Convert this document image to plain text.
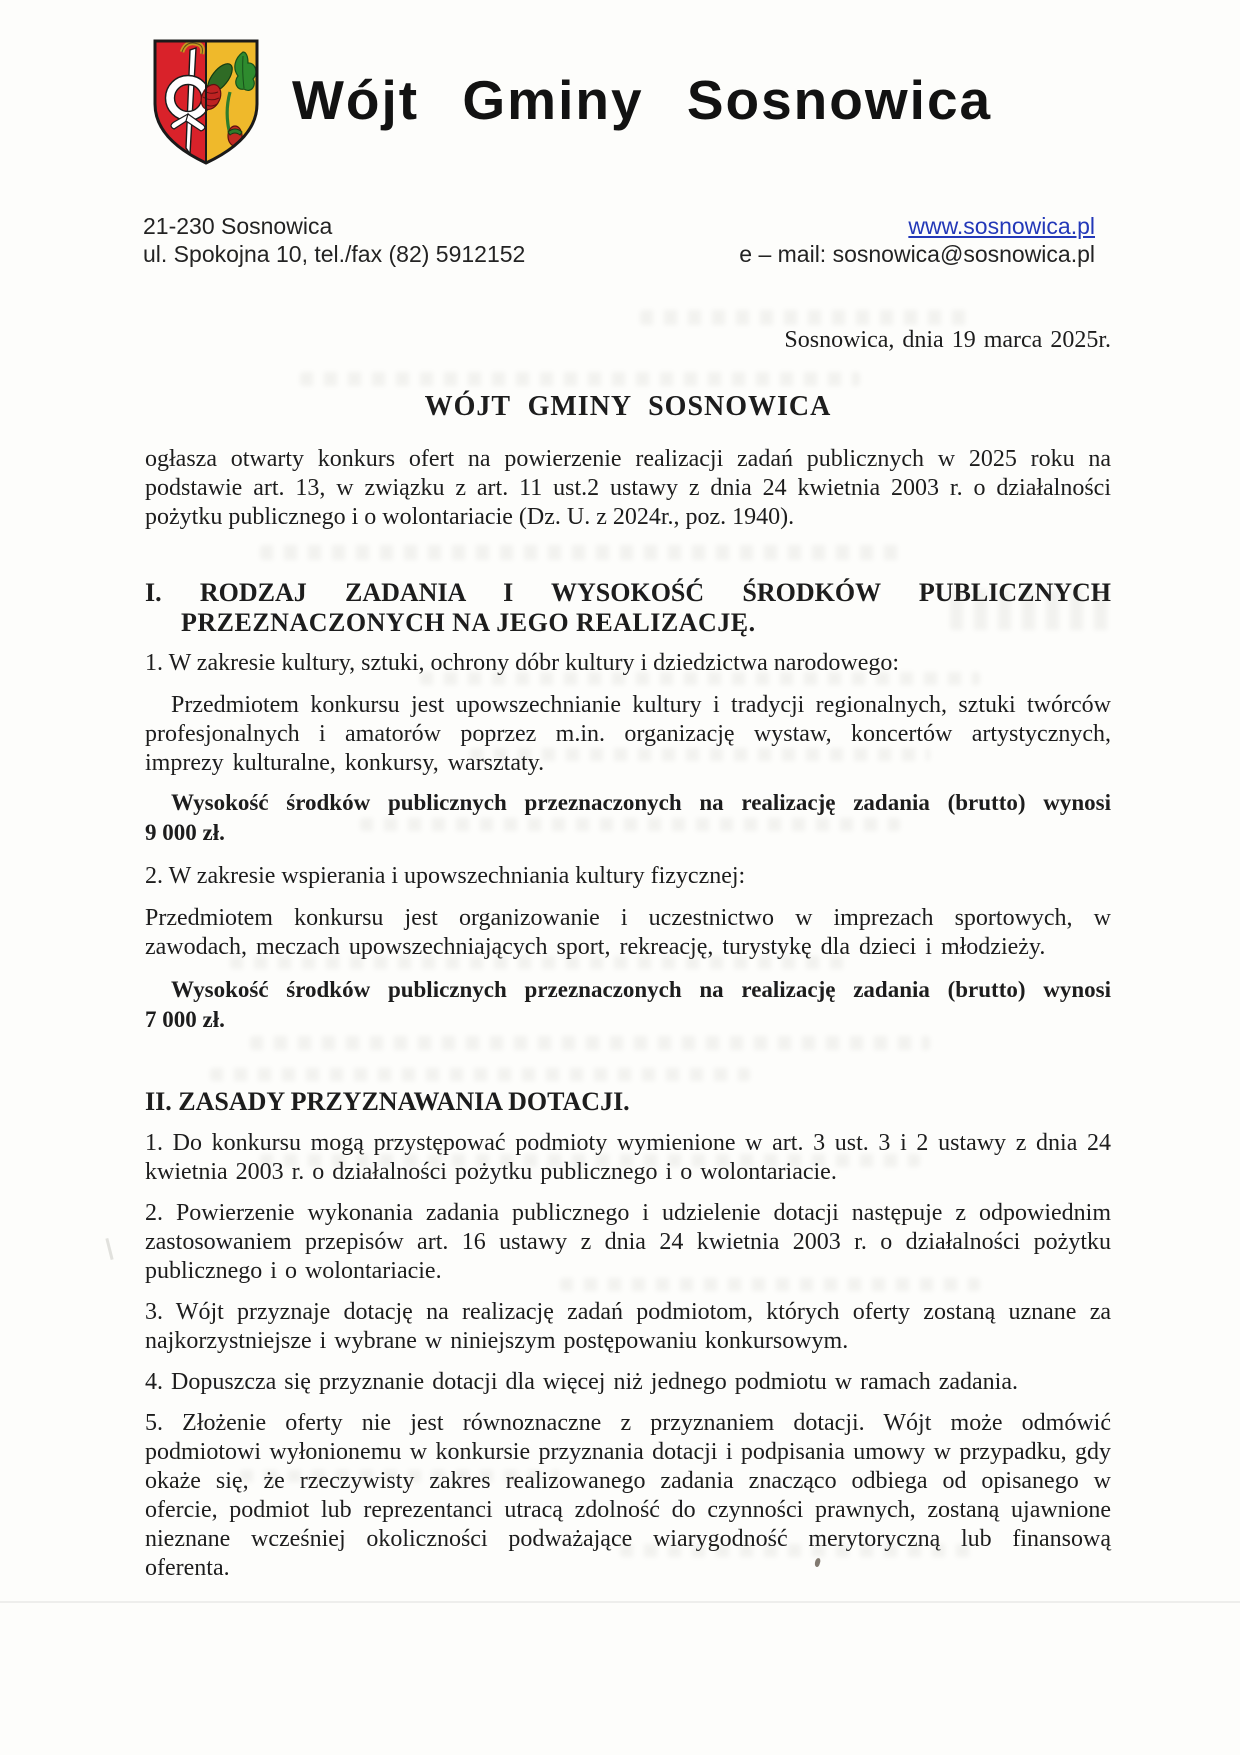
Wójt Gminy Sosnowica
21-230 Sosnowica
ul. Spokojna 10, tel./fax (82) 5912152
www.sosnowica.pl
e – mail: sosnowica@sosnowica.pl
Sosnowica, dnia 19 marca 2025r.
WÓJT GMINY SOSNOWICA

ogłasza otwarty konkurs ofert na powierzenie realizacji zadań publicznych w 2025 roku na podstawie art. 13, w związku z art. 11 ust.2 ustawy z dnia 24 kwietnia 2003 r. o działalności pożytku publicznego i o wolontariacie (Dz. U. z 2024r., poz. 1940).

I. RODZAJ ZADANIA I WYSOKOŚĆ ŚRODKÓW PUBLICZNYCH
PRZEZNACZONYCH NA JEGO REALIZACJĘ.
1. W zakresie kultury, sztuki, ochrony dóbr kultury i dziedzictwa narodowego:
Przedmiotem konkursu jest upowszechnianie kultury i tradycji regionalnych, sztuki twórców profesjonalnych i amatorów poprzez m.in. organizację wystaw, koncertów artystycznych, imprezy kulturalne, konkursy, warsztaty.
Wysokość środków publicznych przeznaczonych na realizację zadania (brutto) wynosi
9 000 zł.
2. W zakresie wspierania i upowszechniania kultury fizycznej:
Przedmiotem konkursu jest organizowanie i uczestnictwo w imprezach sportowych, w zawodach, meczach upowszechniających sport, rekreację, turystykę dla dzieci i młodzieży.
Wysokość środków publicznych przeznaczonych na realizację zadania (brutto) wynosi
7 000 zł.
II. ZASADY PRZYZNAWANIA DOTACJI.
1. Do konkursu mogą przystępować podmioty wymienione w art. 3 ust. 3 i 2 ustawy z dnia 24 kwietnia 2003 r. o działalności pożytku publicznego i o wolontariacie.
2. Powierzenie wykonania zadania publicznego i udzielenie dotacji następuje z odpowiednim zastosowaniem przepisów art. 16 ustawy z dnia 24 kwietnia 2003 r. o działalności pożytku publicznego i o wolontariacie.
3. Wójt przyznaje dotację na realizację zadań podmiotom, których oferty zostaną uznane za najkorzystniejsze i wybrane w niniejszym postępowaniu konkursowym.
4. Dopuszcza się przyznanie dotacji dla więcej niż jednego podmiotu w ramach zadania.
5. Złożenie oferty nie jest równoznaczne z przyznaniem dotacji. Wójt może odmówić podmiotowi wyłonionemu w konkursie przyznania dotacji i podpisania umowy w przypadku, gdy okaże się, że rzeczywisty zakres realizowanego zadania znacząco odbiega od opisanego w ofercie, podmiot lub reprezentanci utracą zdolność do czynności prawnych, zostaną ujawnione nieznane wcześniej okoliczności podważające wiarygodność merytoryczną lub finansową oferenta.
